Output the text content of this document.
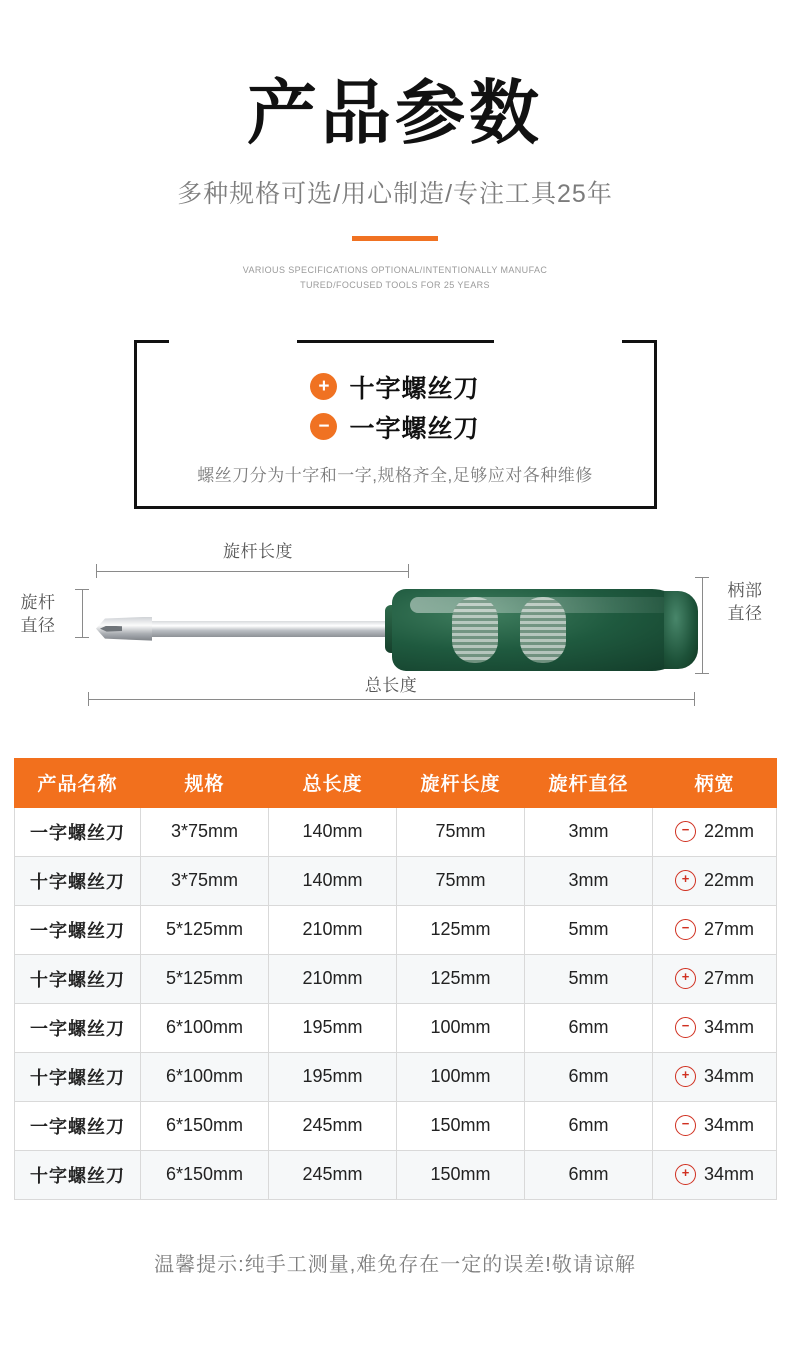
产品参数
多种规格可选/用心制造/专注工具25年
VARIOUS SPECIFICATIONS OPTIONAL/INTENTIONALLY MANUFAC
TURED/FOCUSED TOOLS FOR 25 YEARS
+ 十字螺丝刀
− 一字螺丝刀
螺丝刀分为十字和一字,规格齐全,足够应对各种维修
旋杆长度
旋杆
直径
柄部
直径
总长度
产品名称	规格	总长度	旋杆长度	旋杆直径	柄宽
一字螺丝刀	3*75mm	140mm	75mm	3mm	− 22mm

十字螺丝刀	3*75mm	140mm	75mm	3mm	+ 22mm

一字螺丝刀	5*125mm	210mm	125mm	5mm	− 27mm

十字螺丝刀	5*125mm	210mm	125mm	5mm	+ 27mm

一字螺丝刀	6*100mm	195mm	100mm	6mm	− 34mm

十字螺丝刀	6*100mm	195mm	100mm	6mm	+ 34mm

一字螺丝刀	6*150mm	245mm	150mm	6mm	− 34mm

十字螺丝刀	6*150mm	245mm	150mm	6mm	+ 34mm
温馨提示:纯手工测量,难免存在一定的误差!敬请谅解
